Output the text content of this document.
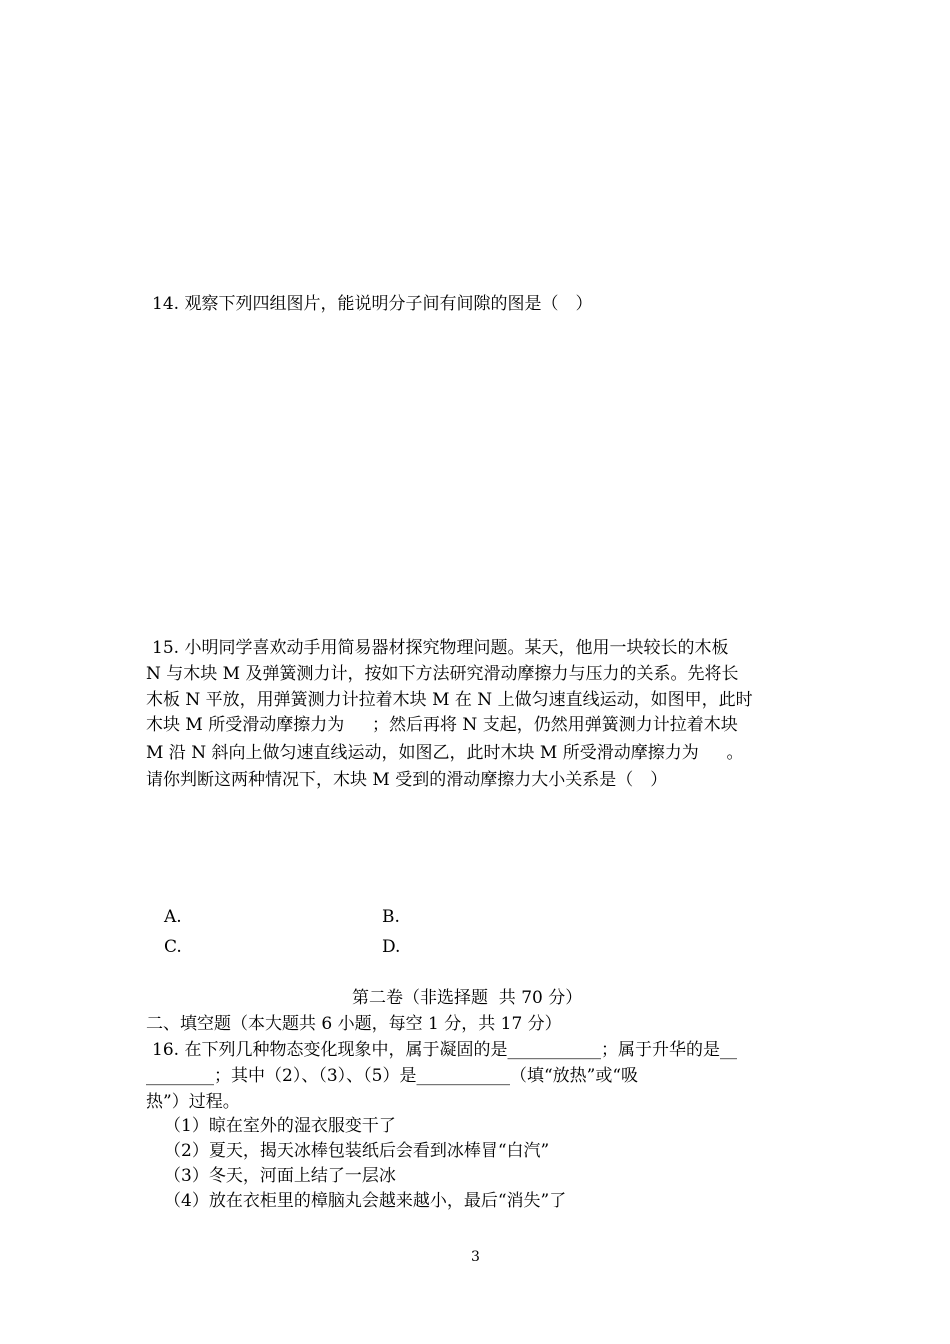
14. 观察下列四组图片，能说明分子间有间隙的图是（　）
15. 小明同学喜欢动手用简易器材探究物理问题。某天，他用一块较长的木板
N 与木块 M 及弹簧测力计，按如下方法研究滑动摩擦力与压力的关系。先将长
木板 N 平放，用弹簧测力计拉着木块 M 在 N 上做匀速直线运动，如图甲，此时
木块 M 所受滑动摩擦力为 　 ；然后再将 N 支起，仍然用弹簧测力计拉着木块
M 沿 N 斜向上做匀速直线运动，如图乙，此时木块 M 所受滑动摩擦力为 　 。
请你判断这两种情况下，木块 M 受到的滑动摩擦力大小关系是（　）
A.	B.
C.	D.
第二卷（非选择题  共 70 分）
二、填空题（本大题共 6 小题，每空 1 分，共 17 分）
16. 在下列几种物态变化现象中，属于凝固的是___________；属于升华的是__
________；其中（2）、（3）、（5）是___________（填“放热”或“吸
热”）过程。
（1）晾在室外的湿衣服变干了
（2）夏天，揭天冰棒包装纸后会看到冰棒冒“白汽”
（3）冬天，河面上结了一层冰
（4）放在衣柜里的樟脑丸会越来越小，最后“消失”了
3
